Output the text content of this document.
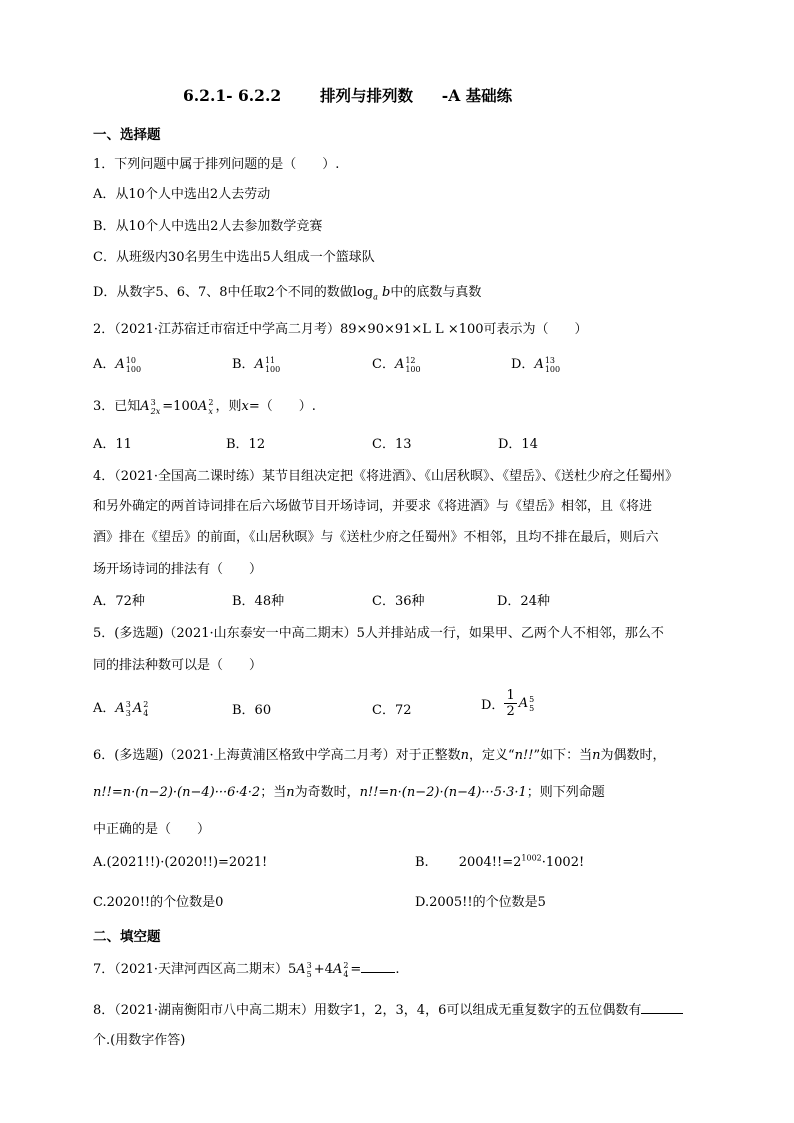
6.2.1- 6.2.2	排列与排列数 -A 基础练
一、选择题
1．下列问题中属于排列问题的是（　　）.
A．从10个人中选出2人去劳动
B．从10个人中选出2人去参加数学竞赛
C．从班级内30名男生中选出5人组成一个篮球队
D．从数字5、6、7、8中任取2个不同的数做$\log_a b$中的底数与真数
2．（2021·江苏宿迁市宿迁中学高二月考）89×90×91×L L ×100可表示为（　　）
A．A 10
100	B．A 11
100	C．A 12
100	D．A 13
100
3．已知A 3
2x =100A 2
x ，则x=（　　）.
A．11	B．12	C．13	D．14
4．（2021·全国高二课时练）某节目组决定把《将进酒》、《山居秋暝》、《望岳》、《送杜少府之任蜀州》
和另外确定的两首诗词排在后六场做节目开场诗词，并要求《将进酒》与《望岳》相邻，且《将进
酒》排在《望岳》的前面，《山居秋暝》与《送杜少府之任蜀州》不相邻，且均不排在最后，则后六
场开场诗词的排法有（　　）
A．72种	B．48种	C．36种	D．24种
5．(多选题)（2021·山东泰安一中高二期末）5人并排站成一行，如果甲、乙两个人不相邻，那么不
同的排法种数可以是（　　）
A．A 3
3 A 2
4	B．60	C．72	D． $\frac{1}{2}$ A 5
5
6．(多选题)（2021·上海黄浦区格致中学高二月考）对于正整数n，定义“n!!”如下：当n为偶数时，
n!!=n·(n−2)·(n−4)···6·4·2；当n为奇数时，n!!=n·(n−2)·(n−4)···5·3·1；则下列命题
中正确的是（　　）
A.(2021!!)·(2020!!)=2021!	B. $2004!!=2^{1002}\cdot 1002$!
C.2020!!的个位数是0	D.2005!!的个位数是5
二、填空题
7．（2021·天津河西区高二期末）5A 3
5 +4A 2
4 =	.
8．（2021·湖南衡阳市八中高二期末）用数字1，2，3，4，6可以组成无重复数字的五位偶数有
个.(用数字作答)
